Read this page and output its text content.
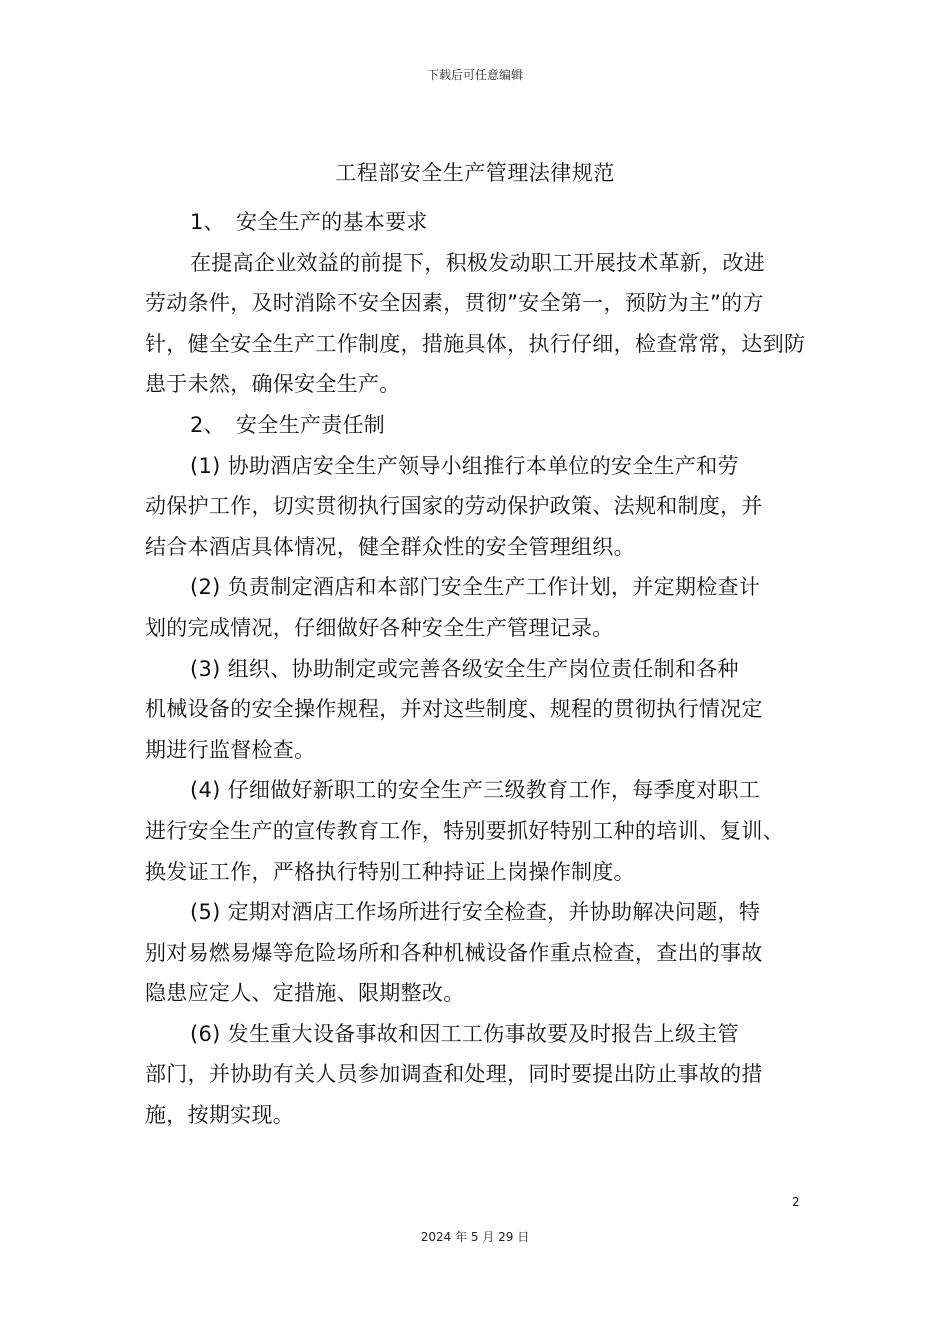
下载后可任意编辑
工程部安全生产管理法律规范
1、 安全生产的基本要求
在提高企业效益的前提下，积极发动职工开展技术革新，改进
劳动条件，及时消除不安全因素，贯彻”安全第一，预防为主”的方
针，健全安全生产工作制度，措施具体，执行仔细，检查常常，达到防
患于未然，确保安全生产。
2、 安全生产责任制
(1) 协助酒店安全生产领导小组推行本单位的安全生产和劳
动保护工作，切实贯彻执行国家的劳动保护政策、法规和制度，并
结合本酒店具体情况，健全群众性的安全管理组织。
(2) 负责制定酒店和本部门安全生产工作计划，并定期检查计
划的完成情况，仔细做好各种安全生产管理记录。
(3) 组织、协助制定或完善各级安全生产岗位责任制和各种
机械设备的安全操作规程，并对这些制度、规程的贯彻执行情况定
期进行监督检查。
(4) 仔细做好新职工的安全生产三级教育工作，每季度对职工
进行安全生产的宣传教育工作，特别要抓好特别工种的培训、复训、
换发证工作，严格执行特别工种持证上岗操作制度。
(5) 定期对酒店工作场所进行安全检查，并协助解决问题，特
别对易燃易爆等危险场所和各种机械设备作重点检查，查出的事故
隐患应定人、定措施、限期整改。
(6) 发生重大设备事故和因工工伤事故要及时报告上级主管
部门，并协助有关人员参加调查和处理，同时要提出防止事故的措
施，按期实现。
2
2024 年 5 月 29 日
